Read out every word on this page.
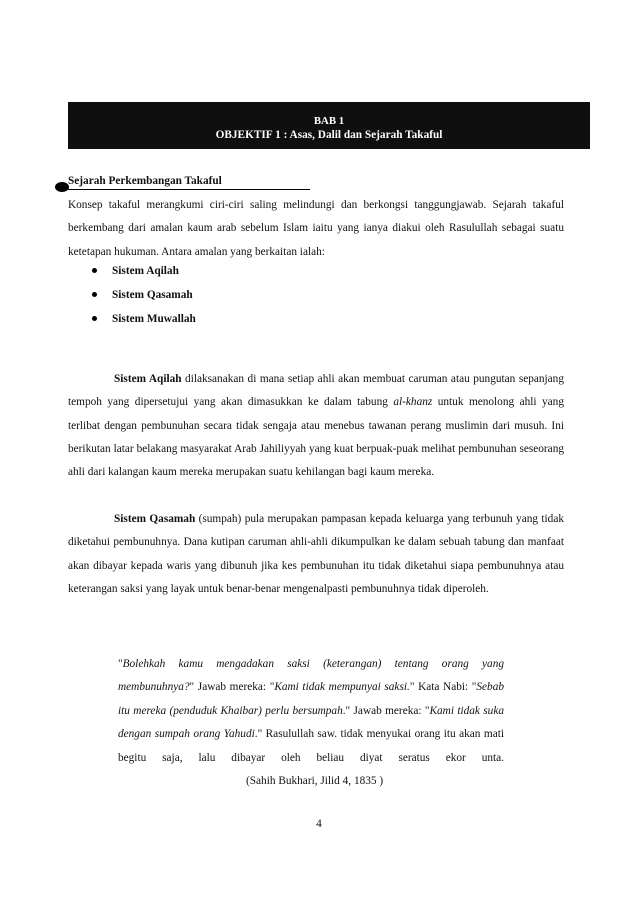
BAB 1
OBJEKTIF 1 : Asas, Dalil dan Sejarah Takaful
Sejarah Perkembangan Takaful

Konsep takaful merangkumi ciri-ciri saling melindungi dan berkongsi tanggungjawab. Sejarah takaful berkembang dari amalan kaum arab sebelum Islam iaitu yang ianya diakui oleh Rasulullah sebagai suatu ketetapan hukuman. Antara amalan yang berkaitan ialah:

Sistem Aqilah
Sistem Qasamah
Sistem Muwallah

Sistem Aqilah dilaksanakan di mana setiap ahli akan membuat caruman atau pungutan sepanjang tempoh yang dipersetujui yang akan dimasukkan ke dalam tabung al-khanz untuk menolong ahli yang terlibat dengan pembunuhan secara tidak sengaja atau menebus tawanan perang muslimin dari musuh. Ini berikutan latar belakang masyarakat Arab Jahiliyyah yang kuat berpuak-puak melihat pembunuhan seseorang ahli dari kalangan kaum mereka merupakan suatu kehilangan bagi kaum mereka.

Sistem Qasamah (sumpah) pula merupakan pampasan kepada keluarga yang terbunuh yang tidak diketahui pembunuhnya. Dana kutipan caruman ahli-ahli dikumpulkan ke dalam sebuah tabung dan manfaat akan dibayar kepada waris yang dibunuh jika kes pembunuhan itu tidak diketahui siapa pembunuhnya atau keterangan saksi yang layak untuk benar-benar mengenalpasti pembunuhnya tidak diperoleh.

"Bolehkah kamu mengadakan saksi (keterangan) tentang orang yang membunuhnya?" Jawab mereka: "Kami tidak mempunyai saksi." Kata Nabi: "Sebab itu mereka (penduduk Khaibar) perlu bersumpah." Jawab mereka: "Kami tidak suka dengan sumpah orang Yahudi." Rasulullah saw. tidak menyukai orang itu akan mati begitu saja, lalu dibayar oleh beliau diyat seratus ekor unta.(Sahih Bukhari, Jilid 4, 1835 )

4
